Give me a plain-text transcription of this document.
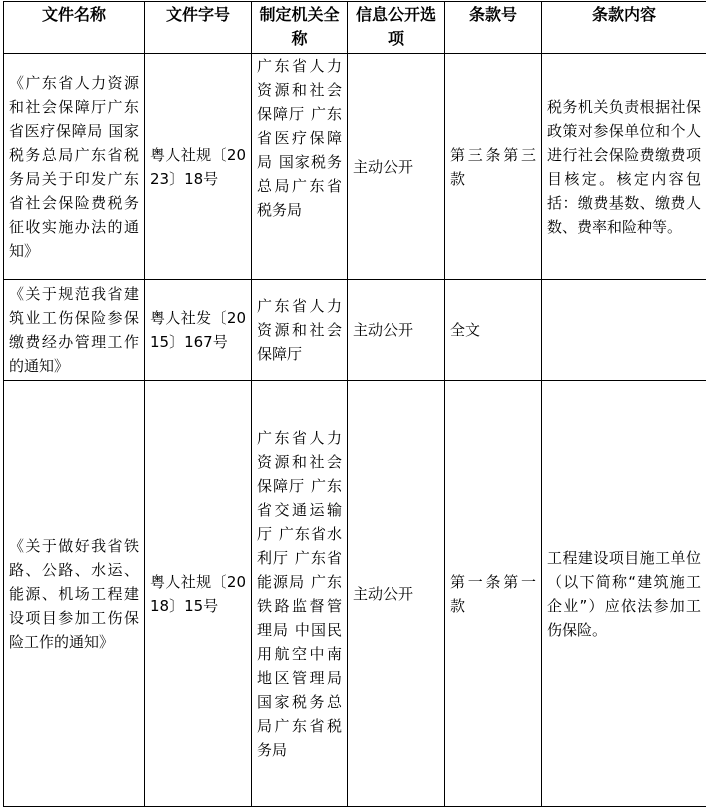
文件名称	文件字号	制定机关全称	信息公开选项	条款号	条款内容
《广东省人力资源和社会保障厅广东省医疗保障局 国家税务总局广东省税务局关于印发广东省社会保险费税务征收实施办法的通知》	粤人社规〔2023〕18号	广东省人力资源和社会保障厅 广东省医疗保障局 国家税务总局广东省税务局	主动公开	第三条第三款	税务机关负责根据社保政策对参保单位和个人进行社会保险费缴费项目核定。核定内容包括：缴费基数、缴费人数、费率和险种等。
《关于规范我省建筑业工伤保险参保缴费经办管理工作的通知》	粤人社发〔2015〕167号	广东省人力资源和社会保障厅	主动公开	全文	
《关于做好我省铁路、公路、水运、能源、机场工程建设项目参加工伤保险工作的通知》	粤人社规〔2018〕15号	广东省人力资源和社会保障厅 广东省交通运输厅 广东省水利厅 广东省能源局 广东铁路监督管理局 中国民用航空中南地区管理局 国家税务总局广东省税务局	主动公开	第一条第一款	工程建设项目施工单位（以下简称“建筑施工企业”）应依法参加工伤保险。
